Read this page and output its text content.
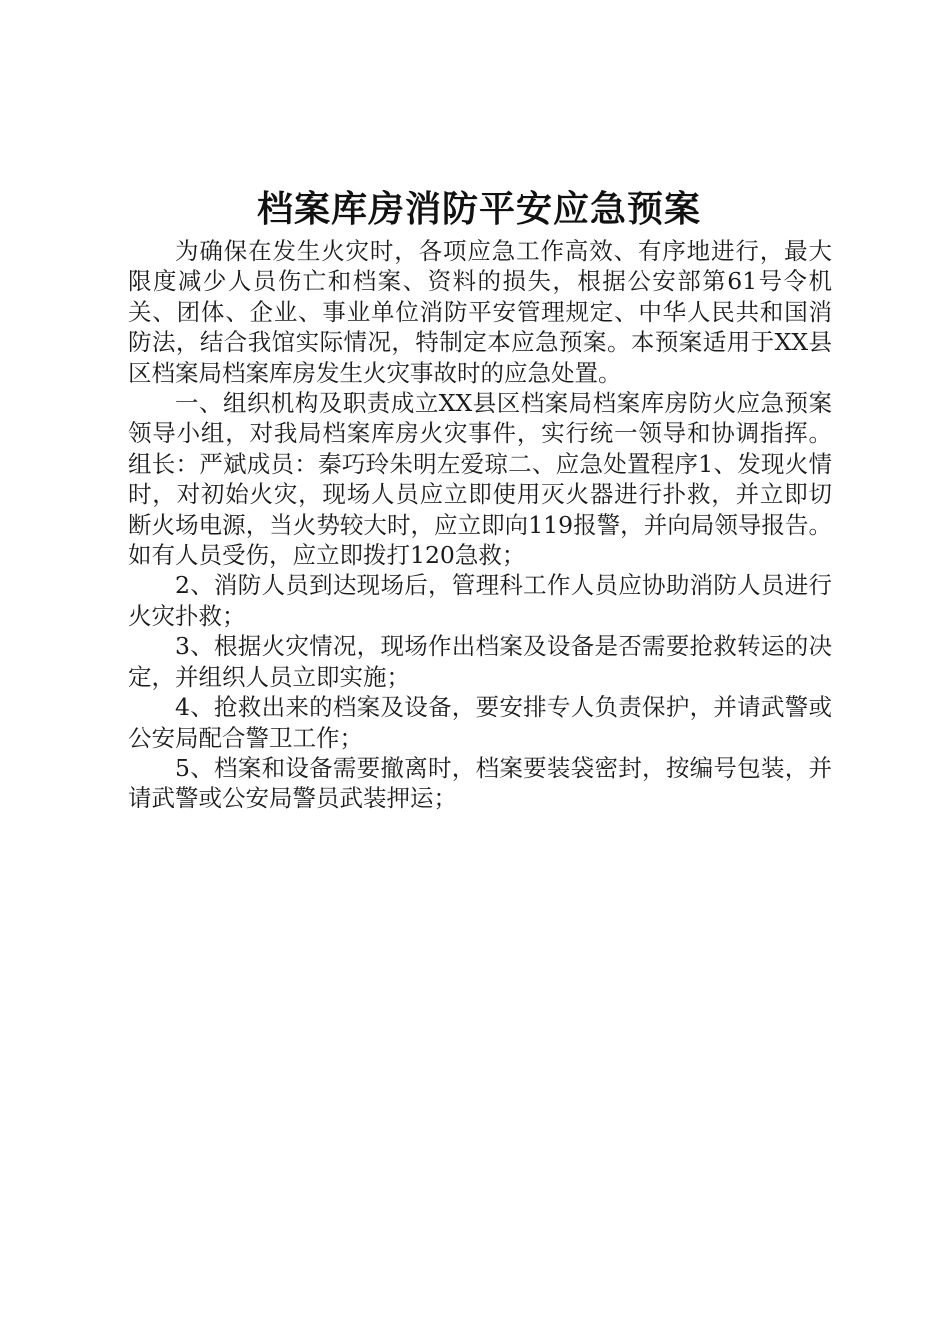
档案库房消防平安应急预案

为确保在发生火灾时，各项应急工作高效、有序地进行，最大限度减少人员伤亡和档案、资料的损失，根据公安部第61号令机关、团体、企业、事业单位消防平安管理规定、中华人民共和国消防法，结合我馆实际情况，特制定本应急预案。本预案适用于XX县区档案局档案库房发生火灾事故时的应急处置。

一、组织机构及职责成立XX县区档案局档案库房防火应急预案领导小组，对我局档案库房火灾事件，实行统一领导和协调指挥。组长：严斌成员：秦巧玲朱明左爱琼二、应急处置程序1、发现火情时，对初始火灾，现场人员应立即使用灭火器进行扑救，并立即切断火场电源，当火势较大时，应立即向119报警，并向局领导报告。如有人员受伤，应立即拨打120急救；

2、消防人员到达现场后，管理科工作人员应协助消防人员进行火灾扑救；

3、根据火灾情况，现场作出档案及设备是否需要抢救转运的决定，并组织人员立即实施；

4、抢救出来的档案及设备，要安排专人负责保护，并请武警或公安局配合警卫工作；

5、档案和设备需要撤离时，档案要装袋密封，按编号包装，并请武警或公安局警员武装押运；
